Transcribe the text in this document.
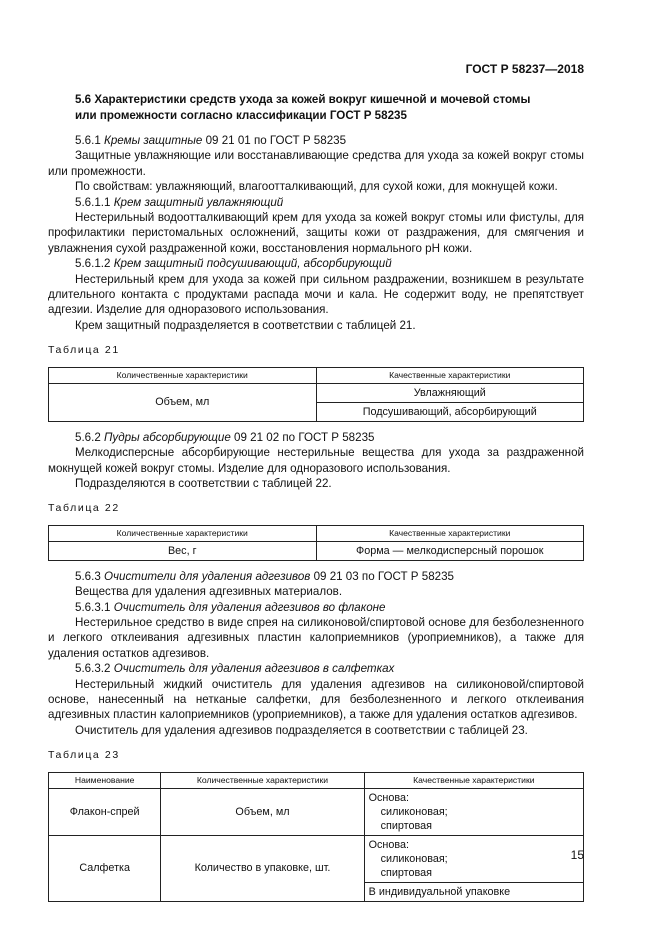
ГОСТ Р 58237—2018
5.6 Характеристики средств ухода за кожей вокруг кишечной и мочевой стомы
или промежности согласно классификации ГОСТ Р 58235

5.6.1 Кремы защитные 09 21 01 по ГОСТ Р 58235

Защитные увлажняющие или восстанавливающие средства для ухода за кожей вокруг стомы или промежности.

По свойствам: увлажняющий, влагоотталкивающий, для сухой кожи, для мокнущей кожи.

5.6.1.1 Крем защитный увлажняющий

Нестерильный водоотталкивающий крем для ухода за кожей вокруг стомы или фистулы, для профилактики перистомальных осложнений, защиты кожи от раздражения, для смягчения и увлажнения сухой раздраженной кожи, восстановления нормального pH кожи.

5.6.1.2 Крем защитный подсушивающий, абсорбирующий

Нестерильный крем для ухода за кожей при сильном раздражении, возникшем в результате длительного контакта с продуктами распада мочи и кала. Не содержит воду, не препятствует адгезии. Изделие для одноразового использования.

Крем защитный подразделяется в соответствии с таблицей 21.

Таблица 21
Количественные характеристики	Качественные характеристики
Объем, мл	Увлажняющий
	Подсушивающий, абсорбирующий

5.6.2 Пудры абсорбирующие 09 21 02 по ГОСТ Р 58235

Мелкодисперсные абсорбирующие нестерильные вещества для ухода за раздраженной мокнущей кожей вокруг стомы. Изделие для одноразового использования.

Подразделяются в соответствии с таблицей 22.

Таблица 22
Количественные характеристики	Качественные характеристики
Вес, г	Форма — мелкодисперсный порошок

5.6.3 Очистители для удаления адгезивов 09 21 03 по ГОСТ Р 58235

Вещества для удаления адгезивных материалов.

5.6.3.1 Очиститель для удаления адгезивов во флаконе

Нестерильное средство в виде спрея на силиконовой/спиртовой основе для безболезненного и легкого отклеивания адгезивных пластин калоприемников (уроприемников), а также для удаления остатков адгезивов.

5.6.3.2 Очиститель для удаления адгезивов в салфетках

Нестерильный жидкий очиститель для удаления адгезивов на силиконовой/спиртовой основе, нанесенный на нетканые салфетки, для безболезненного и легкого отклеивания адгезивных пластин калоприемников (уроприемников), а также для удаления остатков адгезивов.

Очиститель для удаления адгезивов подразделяется в соответствии с таблицей 23.

Таблица 23
Наименование	Количественные характеристики	Качественные характеристики
Флакон-спрей	Объем, мл	Основа:
силиконовая;
спиртовая

Салфетка	Количество в упаковке, шт.	Основа:
силиконовая;
спиртовая

		В индивидуальной упаковке
15
